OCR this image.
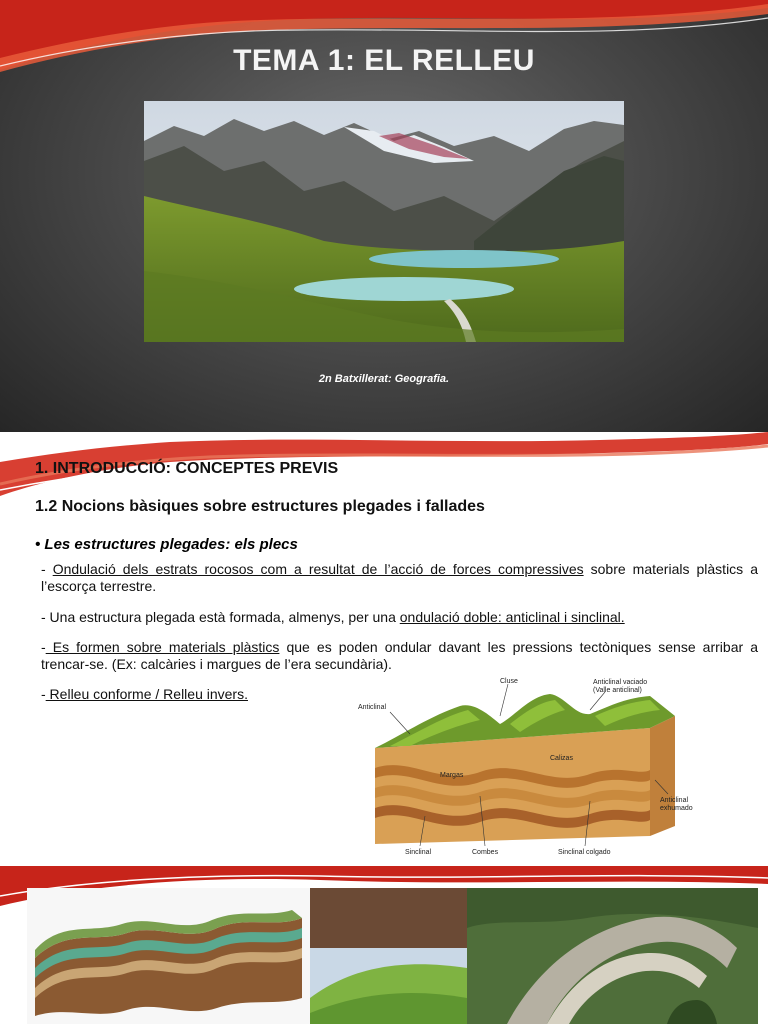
TEMA 1: EL RELLEU

2n Batxillerat: Geografia.

1. INTRODUCCIÓ: CONCEPTES PREVIS
1.2 Nocions bàsiques sobre estructures plegades i fallades

• Les estructures plegades: els plecs

- Ondulació dels estrats rocosos com a resultat de l’acció de forces compressives sobre materials plàstics a l’escorça terrestre.

- Una estructura plegada està formada, almenys, per una ondulació doble: anticlinal i sinclinal.

- Es formen sobre materials plàstics que es poden ondular davant les pressions tectòniques sense arribar a trencar-se. (Ex: calcàries i margues de l’era secundària).

- Relleu conforme / Relleu invers.

Cluse	Anticlinal vaciado
(Valle anticlinal)
Anticlinal
Calizas
Margas
Anticlinal
exhumado
Sinclinal	Combes	Sinclinal colgado
